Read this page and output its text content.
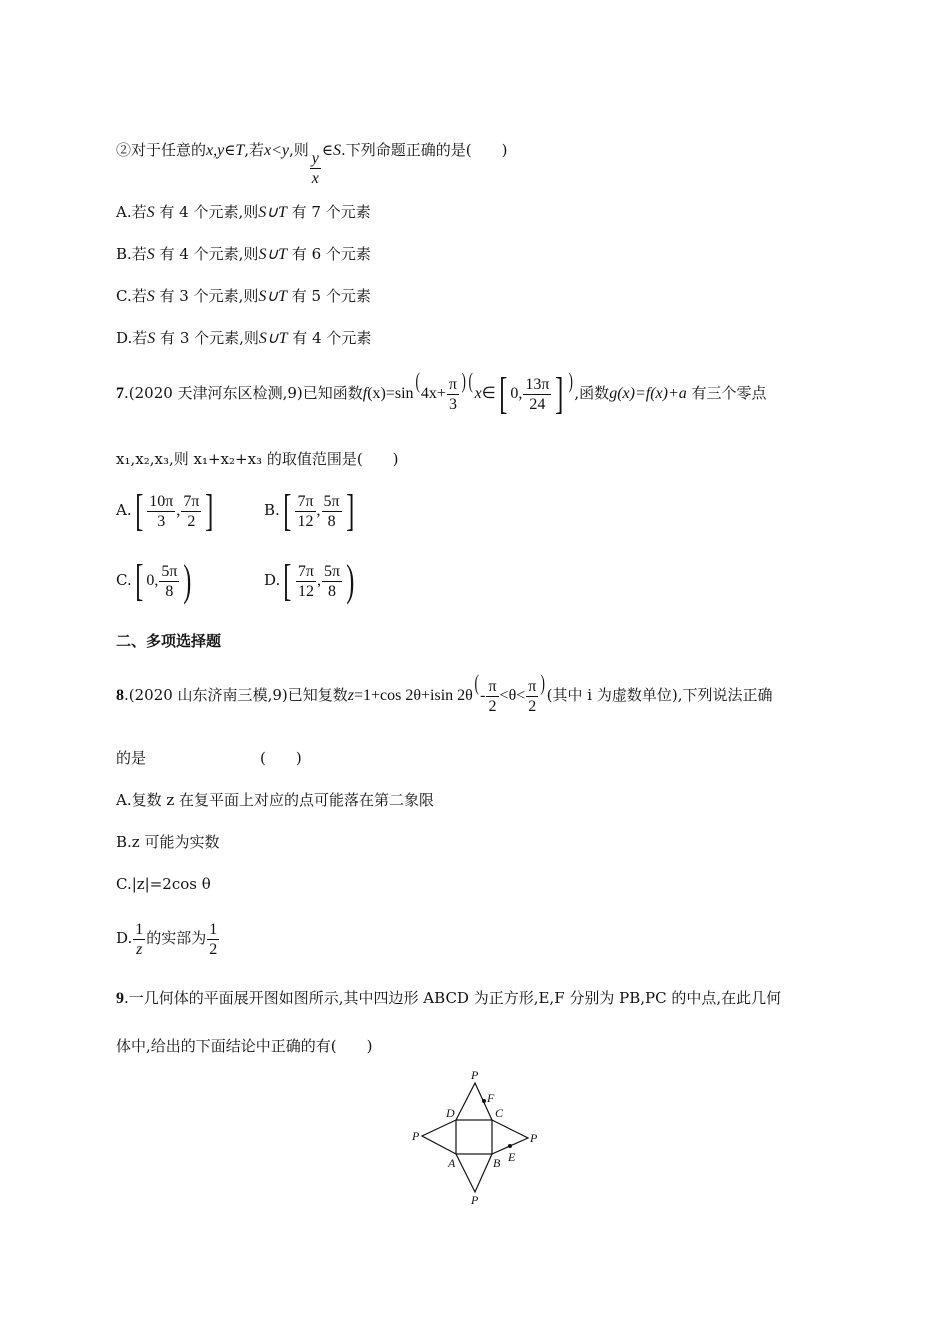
②对于任意的x,y∈T,若x<y,则 $\frac{y}{x}$ ∈S.下列命题正确的是(　　)
A.若S 有 4 个元素,则S∪T 有 7 个元素
B.若S 有 4 个元素,则S∪T 有 6 个元素
C.若S 有 3 个元素,则S∪T 有 5 个元素
D.若S 有 3 个元素,则S∪T 有 4 个元素
7.(2020 天津河东区检测,9)已知函数$f(x)=\sin(4x+ \frac{\pi}{3}$ ) (x∈[ 0, $\frac{13\pi}{24}$ ] ),函数g(x)=f(x)+a 有三个零点
x₁,x₂,x₃,则 x₁+x₂+x₃ 的取值范围是(　　)
$A.[ \frac{10\pi}{3}$ , $\frac{7\pi}{2}$ ]	$B.[ \frac{7\pi}{12}$ , $\frac{5\pi}{8}$ ]
C.[ 0, $\frac{5\pi}{8}$ )	$D.[ \frac{7\pi}{12}$ , $\frac{5\pi}{8}$ )
二、多项选择题
8.(2020 山东济南三模,9)已知复数z=1+cos 2θ+isin $2\theta(- \frac{\pi}{2} <\theta< \frac{\pi}{2}$ )(其中 i 为虚数单位),下列说法正确
的是	(　　)
A.复数 z 在复平面上对应的点可能落在第二象限
B.z 可能为实数
C.|z|=2cos θ
D. $\frac{1}{z}$ 的实部为 $\frac{1}{2}$
9.一几何体的平面展开图如图所示,其中四边形 ABCD 为正方形,E,F 分别为 PB,PC 的中点,在此几何
体中,给出的下面结论中正确的有(　　)
P
F
D	C
P	P
A	B E
P
